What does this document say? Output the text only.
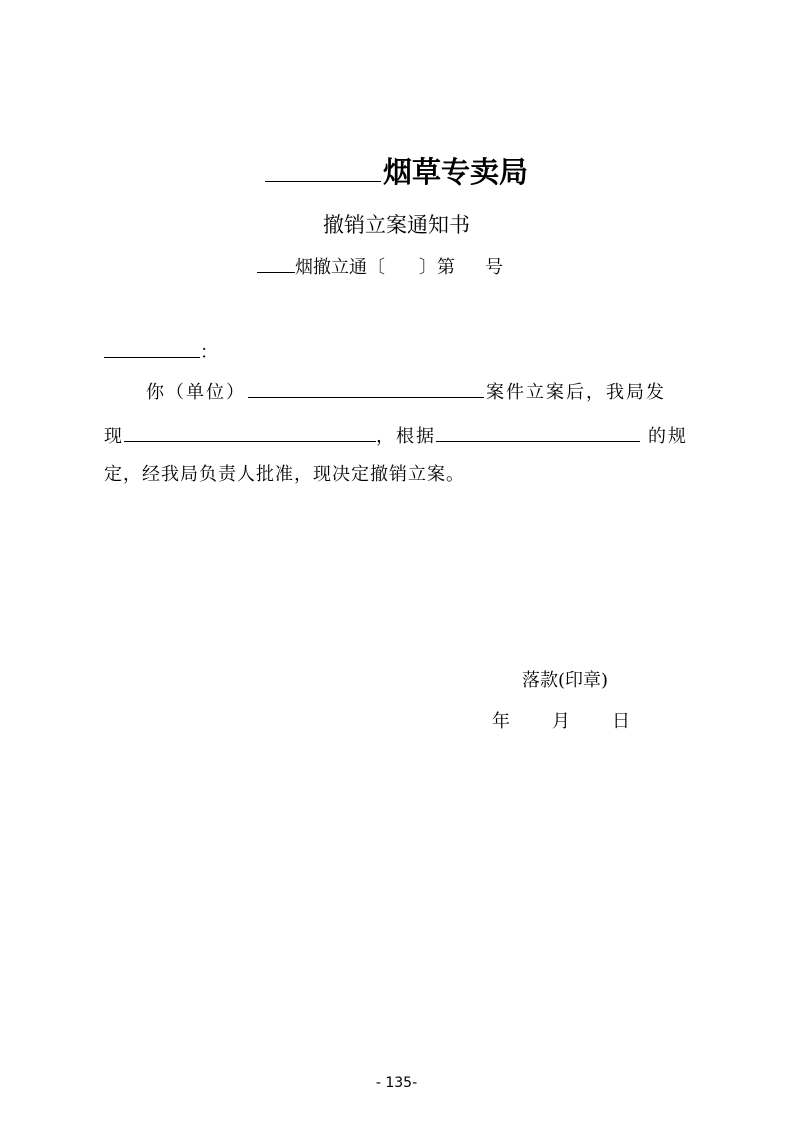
烟草专卖局
撤销立案通知书
烟撤立通〔 〕第 号
：
你（单位）	案件立案后，我局发
现	，根据	的规
定，经我局负责人批准，现决定撤销立案。
落款(印章)
年 月 日
- 135-
